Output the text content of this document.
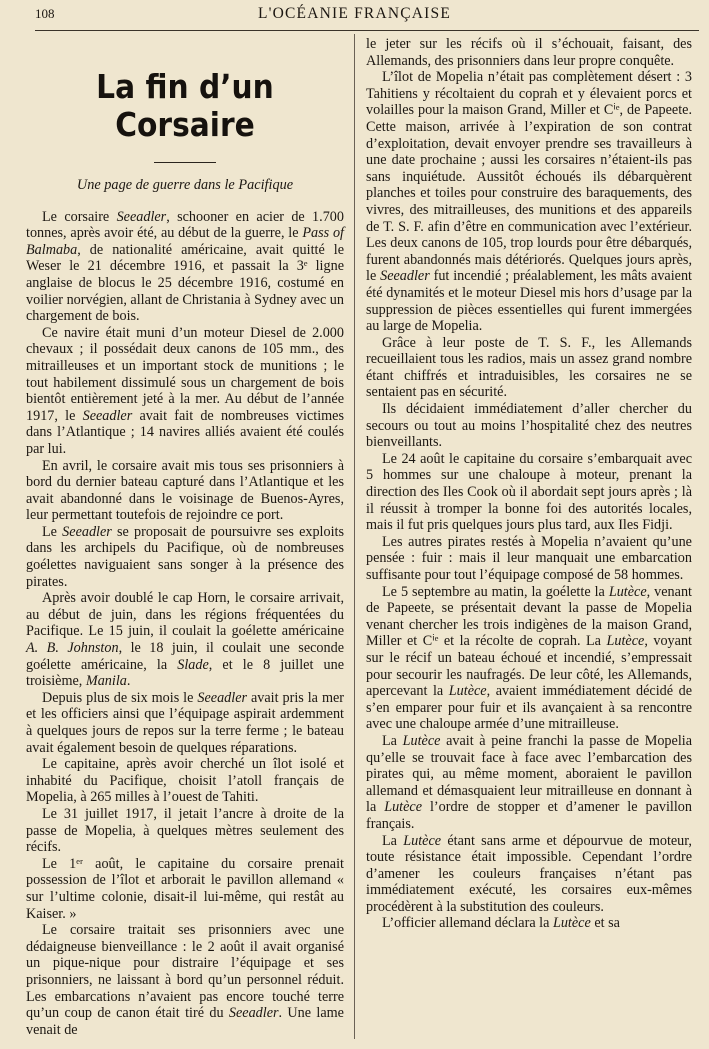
108	L'OCÉANIE FRANÇAISE
La fin d’un Corsaire
Une page de guerre dans le Pacifique

Le corsaire Seeadler, schooner en acier de 1.700 tonnes, après avoir été, au début de la guerre, le Pass of Balmaba, de nationalité américaine, avait quitté le Weser le 21 décembre 1916, et passait la 3ᵉ ligne anglaise de blocus le 25 décembre 1916, costumé en voilier norvégien, allant de Christania à Sydney avec un chargement de bois.

Ce navire était muni d’un moteur Diesel de 2.000 chevaux ; il possédait deux canons de 105 mm., des mitrailleuses et un important stock de munitions ; le tout habilement dissimulé sous un chargement de bois bientôt entièrement jeté à la mer. Au début de l’année 1917, le Seeadler avait fait de nombreuses victimes dans l’Atlantique ; 14 navires alliés avaient été coulés par lui.

En avril, le corsaire avait mis tous ses prisonniers à bord du dernier bateau capturé dans l’Atlantique et les avait abandonné dans le voisinage de Buenos-Ayres, leur permettant toutefois de rejoindre ce port.

Le Seeadler se proposait de poursuivre ses exploits dans les archipels du Pacifique, où de nombreuses goélettes naviguaient sans songer à la présence des pirates.

Après avoir doublé le cap Horn, le corsaire arrivait, au début de juin, dans les régions fréquentées du Pacifique. Le 15 juin, il coulait la goélette américaine A. B. Johnston, le 18 juin, il coulait une seconde goélette américaine, la Slade, et le 8 juillet une troisième, Manila.

Depuis plus de six mois le Seeadler avait pris la mer et les officiers ainsi que l’équipage aspirait ardemment à quelques jours de repos sur la terre ferme ; le bateau avait également besoin de quelques réparations.

Le capitaine, après avoir cherché un îlot isolé et inhabité du Pacifique, choisit l’atoll français de Mopelia, à 265 milles à l’ouest de Tahiti.

Le 31 juillet 1917, il jetait l’ancre à droite de la passe de Mopelia, à quelques mètres seulement des récifs.

Le 1ᵉʳ août, le capitaine du corsaire prenait possession de l’îlot et arborait le pavillon allemand « sur l’ultime colonie, disait-il lui-même, qui restât au Kaiser. »

Le corsaire traitait ses prisonniers avec une dédaigneuse bienveillance : le 2 août il avait organisé un pique-nique pour distraire l’équipage et ses prisonniers, ne laissant à bord qu’un personnel réduit. Les embarcations n’avaient pas encore touché terre qu’un coup de canon était tiré du Seeadler. Une lame venait de

le jeter sur les récifs où il s’échouait, faisant, des Allemands, des prisonniers dans leur propre conquête.

L’îlot de Mopelia n’était pas complètement désert : 3 Tahitiens y récoltaient du coprah et y élevaient porcs et volailles pour la maison Grand, Miller et Cⁱᵉ, de Papeete. Cette maison, arrivée à l’expiration de son contrat d’exploitation, devait envoyer prendre ses travailleurs à une date prochaine ; aussi les corsaires n’étaient-ils pas sans inquiétude. Aussitôt échoués ils débarquèrent planches et toiles pour construire des baraquements, des vivres, des mitrailleuses, des munitions et des appareils de T. S. F. afin d’être en communication avec l’extérieur. Les deux canons de 105, trop lourds pour être débarqués, furent abandonnés mais détériorés. Quelques jours après, le Seeadler fut incendié ; préalablement, les mâts avaient été dynamités et le moteur Diesel mis hors d’usage par la suppression de pièces essentielles qui furent immergées au large de Mopelia.

Grâce à leur poste de T. S. F., les Allemands recueillaient tous les radios, mais un assez grand nombre étant chiffrés et intraduisibles, les corsaires ne se sentaient pas en sécurité.

Ils décidaient immédiatement d’aller chercher du secours ou tout au moins l’hospitalité chez des neutres bienveillants.

Le 24 août le capitaine du corsaire s’embarquait avec 5 hommes sur une chaloupe à moteur, prenant la direction des Iles Cook où il abordait sept jours après ; là il réussit à tromper la bonne foi des autorités locales, mais il fut pris quelques jours plus tard, aux Iles Fidji.

Les autres pirates restés à Mopelia n’avaient qu’une pensée : fuir : mais il leur manquait une embarcation suffisante pour tout l’équipage composé de 58 hommes.

Le 5 septembre au matin, la goélette la Lutèce, venant de Papeete, se présentait devant la passe de Mopelia venant chercher les trois indigènes de la maison Grand, Miller et Cⁱᵉ et la récolte de coprah. La Lutèce, voyant sur le récif un bateau échoué et incendié, s’empressait pour secourir les naufragés. De leur côté, les Allemands, apercevant la Lutèce, avaient immédiatement décidé de s’en emparer pour fuir et ils avançaient à sa rencontre avec une chaloupe armée d’une mitrailleuse.

La Lutèce avait à peine franchi la passe de Mopelia qu’elle se trouvait face à face avec l’embarcation des pirates qui, au même moment, aboraient le pavillon allemand et démasquaient leur mitrailleuse en donnant à la Lutèce l’ordre de stopper et d’amener le pavillon français.

La Lutèce étant sans arme et dépourvue de moteur, toute résistance était impossible. Cependant l’ordre d’amener les couleurs françaises n’étant pas immédiatement exécuté, les corsaires eux-mêmes procédèrent à la substitution des couleurs.

L’officier allemand déclara la Lutèce et sa
